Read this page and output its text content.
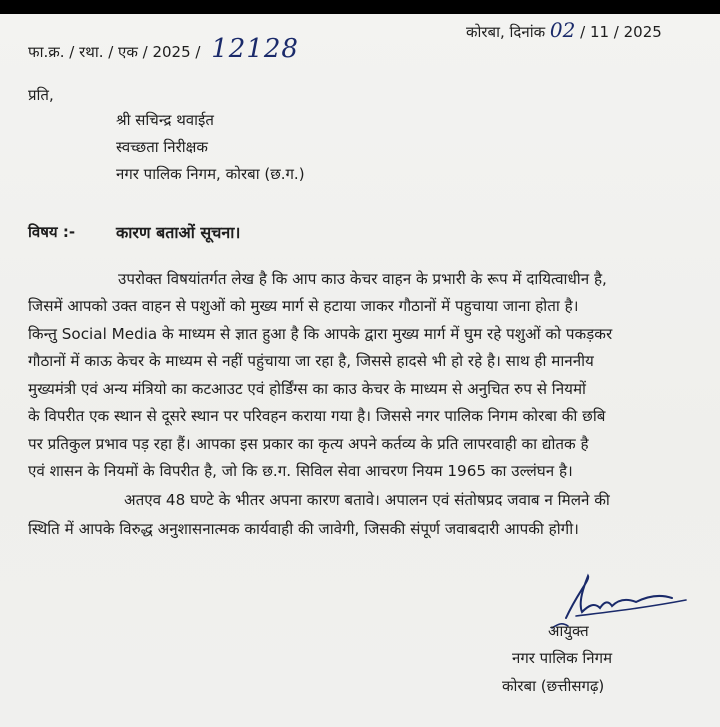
फा.क्र. / रथा. / एक / 2025 / 12128
कोरबा, दिनांक 02 / 11 / 2025
प्रति,
श्री सचिन्द्र थवाईत
स्वच्छता निरीक्षक
नगर पालिक निगम, कोरबा (छ.ग.)
विषय :-	कारण बताओं सूचना।
उपरोक्त विषयांतर्गत लेख है कि आप काउ केचर वाहन के प्रभारी के रूप में दायित्वाधीन है,
जिसमें आपको उक्त वाहन से पशुओं को मुख्य मार्ग से हटाया जाकर गौठानों में पहुचाया जाना होता है।
किन्तु Social Media के माध्यम से ज्ञात हुआ है कि आपके द्वारा मुख्य मार्ग में घुम रहे पशुओं को पकड़कर
गौठानों में काऊ केचर के माध्यम से नहीं पहुंचाया जा रहा है, जिससे हादसे भी हो रहे है। साथ ही माननीय
मुख्यमंत्री एवं अन्य मंत्रियो का कटआउट एवं होर्डिंग्स का काउ केचर के माध्यम से अनुचित रुप से नियमों
के विपरीत एक स्थान से दूसरे स्थान पर परिवहन कराया गया है। जिससे नगर पालिक निगम कोरबा की छबि
पर प्रतिकुल प्रभाव पड़ रहा हैं। आपका इस प्रकार का कृत्य अपने कर्तव्य के प्रति लापरवाही का द्योतक है
एवं शासन के नियमों के विपरीत है, जो कि छ.ग. सिविल सेवा आचरण नियम 1965 का उल्लंघन है।
अतएव 48 घण्टे के भीतर अपना कारण बतावे। अपालन एवं संतोषप्रद जवाब न मिलने की
स्थिति में आपके विरुद्ध अनुशासनात्मक कार्यवाही की जावेगी, जिसकी संपूर्ण जवाबदारी आपकी होगी।
आयुक्त
नगर पालिक निगम
कोरबा (छत्तीसगढ़)
